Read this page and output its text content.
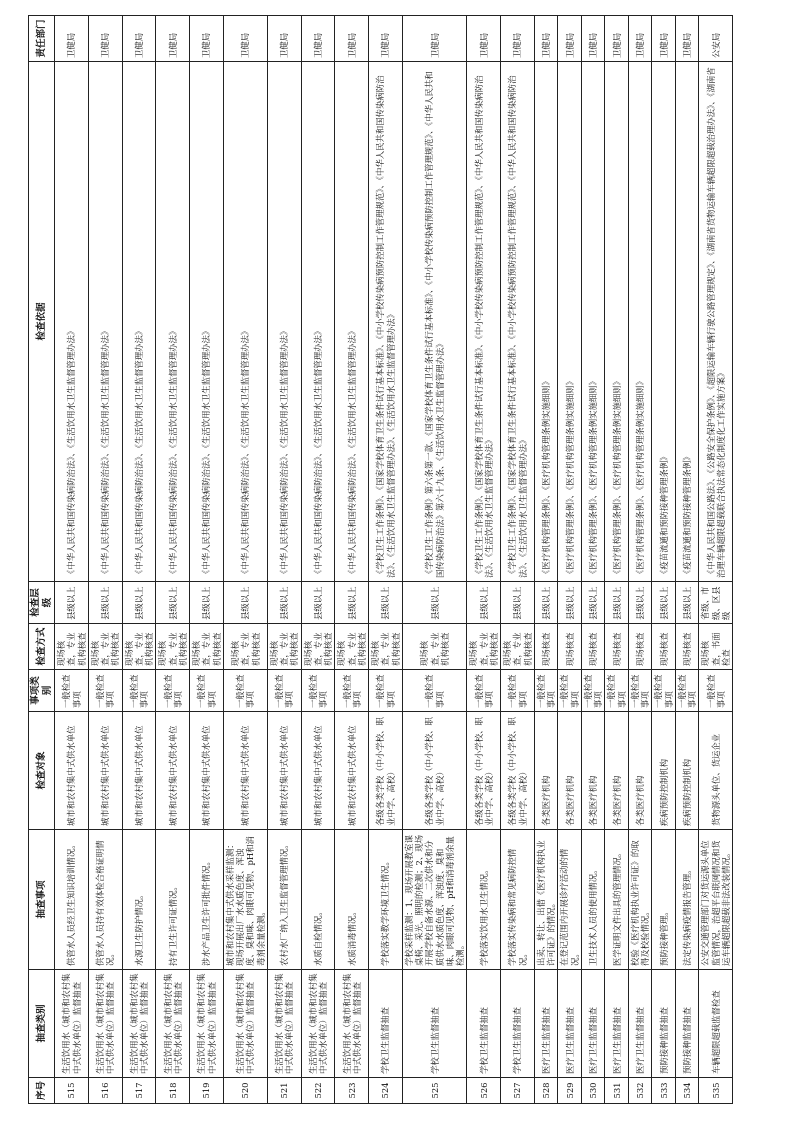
序号	抽查类别	抽查事项	检查对象	事项类别	检查方式	检查层级	检查依据	责任部门
515	生活饮用水（城市和农村集中式供水单位）监督抽查	供管水人员经卫生知识培训情况。	城市和农村集中式供水单位	一般检查事项	现场核查，专业机构核查	县级以上	《中华人民共和国传染病防治法》、《生活饮用水卫生监督管理办法》	卫健局
516	生活饮用水（城市和农村集中式供水单位）监督抽查	供管水人员持有效体检合格证明情况。	城市和农村集中式供水单位	一般检查事项	现场核查，专业机构核查	县级以上	《中华人民共和国传染病防治法》、《生活饮用水卫生监督管理办法》	卫健局
517	生活饮用水（城市和农村集中式供水单位）监督抽查	水源卫生防护情况。	城市和农村集中式供水单位	一般检查事项	现场核查，专业机构核查	县级以上	《中华人民共和国传染病防治法》、《生活饮用水卫生监督管理办法》	卫健局
518	生活饮用水（城市和农村集中式供水单位）监督抽查	持有卫生许可证情况。	城市和农村集中式供水单位	一般检查事项	现场核查，专业机构核查	县级以上	《中华人民共和国传染病防治法》、《生活饮用水卫生监督管理办法》	卫健局
519	生活饮用水（城市和农村集中式供水单位）监督抽查	涉水产品卫生许可批件情况。	城市和农村集中式供水单位	一般检查事项	现场核查，专业机构核查	县级以上	《中华人民共和国传染病防治法》、《生活饮用水卫生监督管理办法》	卫健局
520	生活饮用水（城市和农村集中式供水单位）监督抽查	城市和农村集中式供水采样监测：现场开展出厂水水质色度、浑浊度、臭和味、肉眼可见物、pH和消毒剂余量检测。	城市和农村集中式供水单位	一般检查事项	现场核查，专业机构核查	县级以上	《中华人民共和国传染病防治法》、《生活饮用水卫生监督管理办法》	卫健局
521	生活饮用水（城市和农村集中式供水单位）监督抽查	农村水厂纳入卫生监督管理情况。	城市和农村集中式供水单位	一般检查事项	现场核查，专业机构核查	县级以上	《中华人民共和国传染病防治法》、《生活饮用水卫生监督管理办法》	卫健局
522	生活饮用水（城市和农村集中式供水单位）监督抽查	水质自检情况。	城市和农村集中式供水单位	一般检查事项	现场核查，专业机构核查	县级以上	《中华人民共和国传染病防治法》、《生活饮用水卫生监督管理办法》	卫健局
523	生活饮用水（城市和农村集中式供水单位）监督抽查	水质消毒情况。	城市和农村集中式供水单位	一般检查事项	现场核查，专业机构核查	县级以上	《中华人民共和国传染病防治法》、《生活饮用水卫生监督管理办法》	卫健局
524	学校卫生监督抽查	学校落实教学环境卫生情况。	各级各类学校（中小学校、职业中学、高校）	一般检查事项	现场核查，专业机构核查	县级以上	《学校卫生工作条例》、《国家学校体育卫生条件试行基本标准》、《中小学校传染病预防控制工作管理规范》、《中华人民共和国传染病防治法》、《生活饮用水卫生监督管理办法》、《生活饮用水卫生监督管理办法》	卫健局
525	学校卫生监督抽查	学校采样监测：1、现场开展教室课桌椅、采光、照明的检测；2、现场开展学校自备水源、二次供水和分质供水水质色度、浑浊度、臭和味、肉眼可见物、pH和消毒剂余量检测。	各级各类学校（中小学校、职业中学、高校）	一般检查事项	现场核查，专业机构核查	县级以上	《学校卫生工作条例》第六条第一款、《国家学校体育卫生条件试行基本标准》、《中小学校传染病预防控制工作管理规范》、《中华人民共和国传染病防治法》第六十九条、《生活饮用水卫生监督管理办法》	卫健局
526	学校卫生监督抽查	学校落实饮用水卫生情况。	各级各类学校（中小学校、职业中学、高校）	一般检查事项	现场核查，专业机构核查	县级以上	《学校卫生工作条例》、《国家学校体育卫生条件试行基本标准》、《中小学校传染病预防控制工作管理规范》、《中华人民共和国传染病防治法》、《生活饮用水卫生监督管理办法》	卫健局
527	学校卫生监督抽查	学校落实传染病和常见病防控情况。	各级各类学校（中小学校、职业中学、高校）	一般检查事项	现场核查，专业机构核查	县级以上	《学校卫生工作条例》、《国家学校体育卫生条件试行基本标准》、《中小学校传染病预防控制工作管理规范》、《中华人民共和国传染病防治法》、《生活饮用水卫生监督管理办法》	卫健局
528	医疗卫生监督抽查	出卖、转让、出借《医疗机构执业许可证》的情况。	各类医疗机构	一般检查事项	现场核查	县级以上	《医疗机构管理条例》、《医疗机构管理条例实施细则》	卫健局
529	医疗卫生监督抽查	在登记范围内开展诊疗活动的情况。	各类医疗机构	一般检查事项	现场核查	县级以上	《医疗机构管理条例》、《医疗机构管理条例实施细则》	卫健局
530	医疗卫生监督抽查	卫生技术人员的使用情况。	各类医疗机构	一般检查事项	现场核查	县级以上	《医疗机构管理条例》、《医疗机构管理条例实施细则》	卫健局
531	医疗卫生监督抽查	医学证明文件出具的管理情况。	各类医疗机构	一般检查事项	现场核查	县级以上	《医疗机构管理条例》、《医疗机构管理条例实施细则》	卫健局
532	医疗卫生监督抽查	校验《医疗机构执业许可证》的取得及校验情况。	各类医疗机构	一般检查事项	现场核查	县级以上	《医疗机构管理条例》、《医疗机构管理条例实施细则》	卫健局
533	预防接种监督抽查	预防接种管理。	疾病预防控制机构	一般检查事项	现场核查	县级以上	《疫苗流通和预防接种管理条例》	卫健局
534	预防接种监督抽查	法定传染病疫情报告管理。	疾病预防控制机构	一般检查事项	现场核查	县级以上	《疫苗流通和预防接种管理条例》	卫健局
535	车辆超限超载监督检查	公安交通管理部门对货运源头单位监管情况，治超平台联网情况和货运车辆超限超载非法改装情况。	货物源头单位、货运企业	一般检查事项	现场核查，书面检查	省级、市级、区县级	《中华人民共和国公路法》、《公路安全保护条例》、《超限运输车辆行驶公路管理规定》、《湖南省货物运输车辆超限超载治理办法》、《湖南省治理车辆超限超载联合执法常态化制度化工作实施方案》	公安局
